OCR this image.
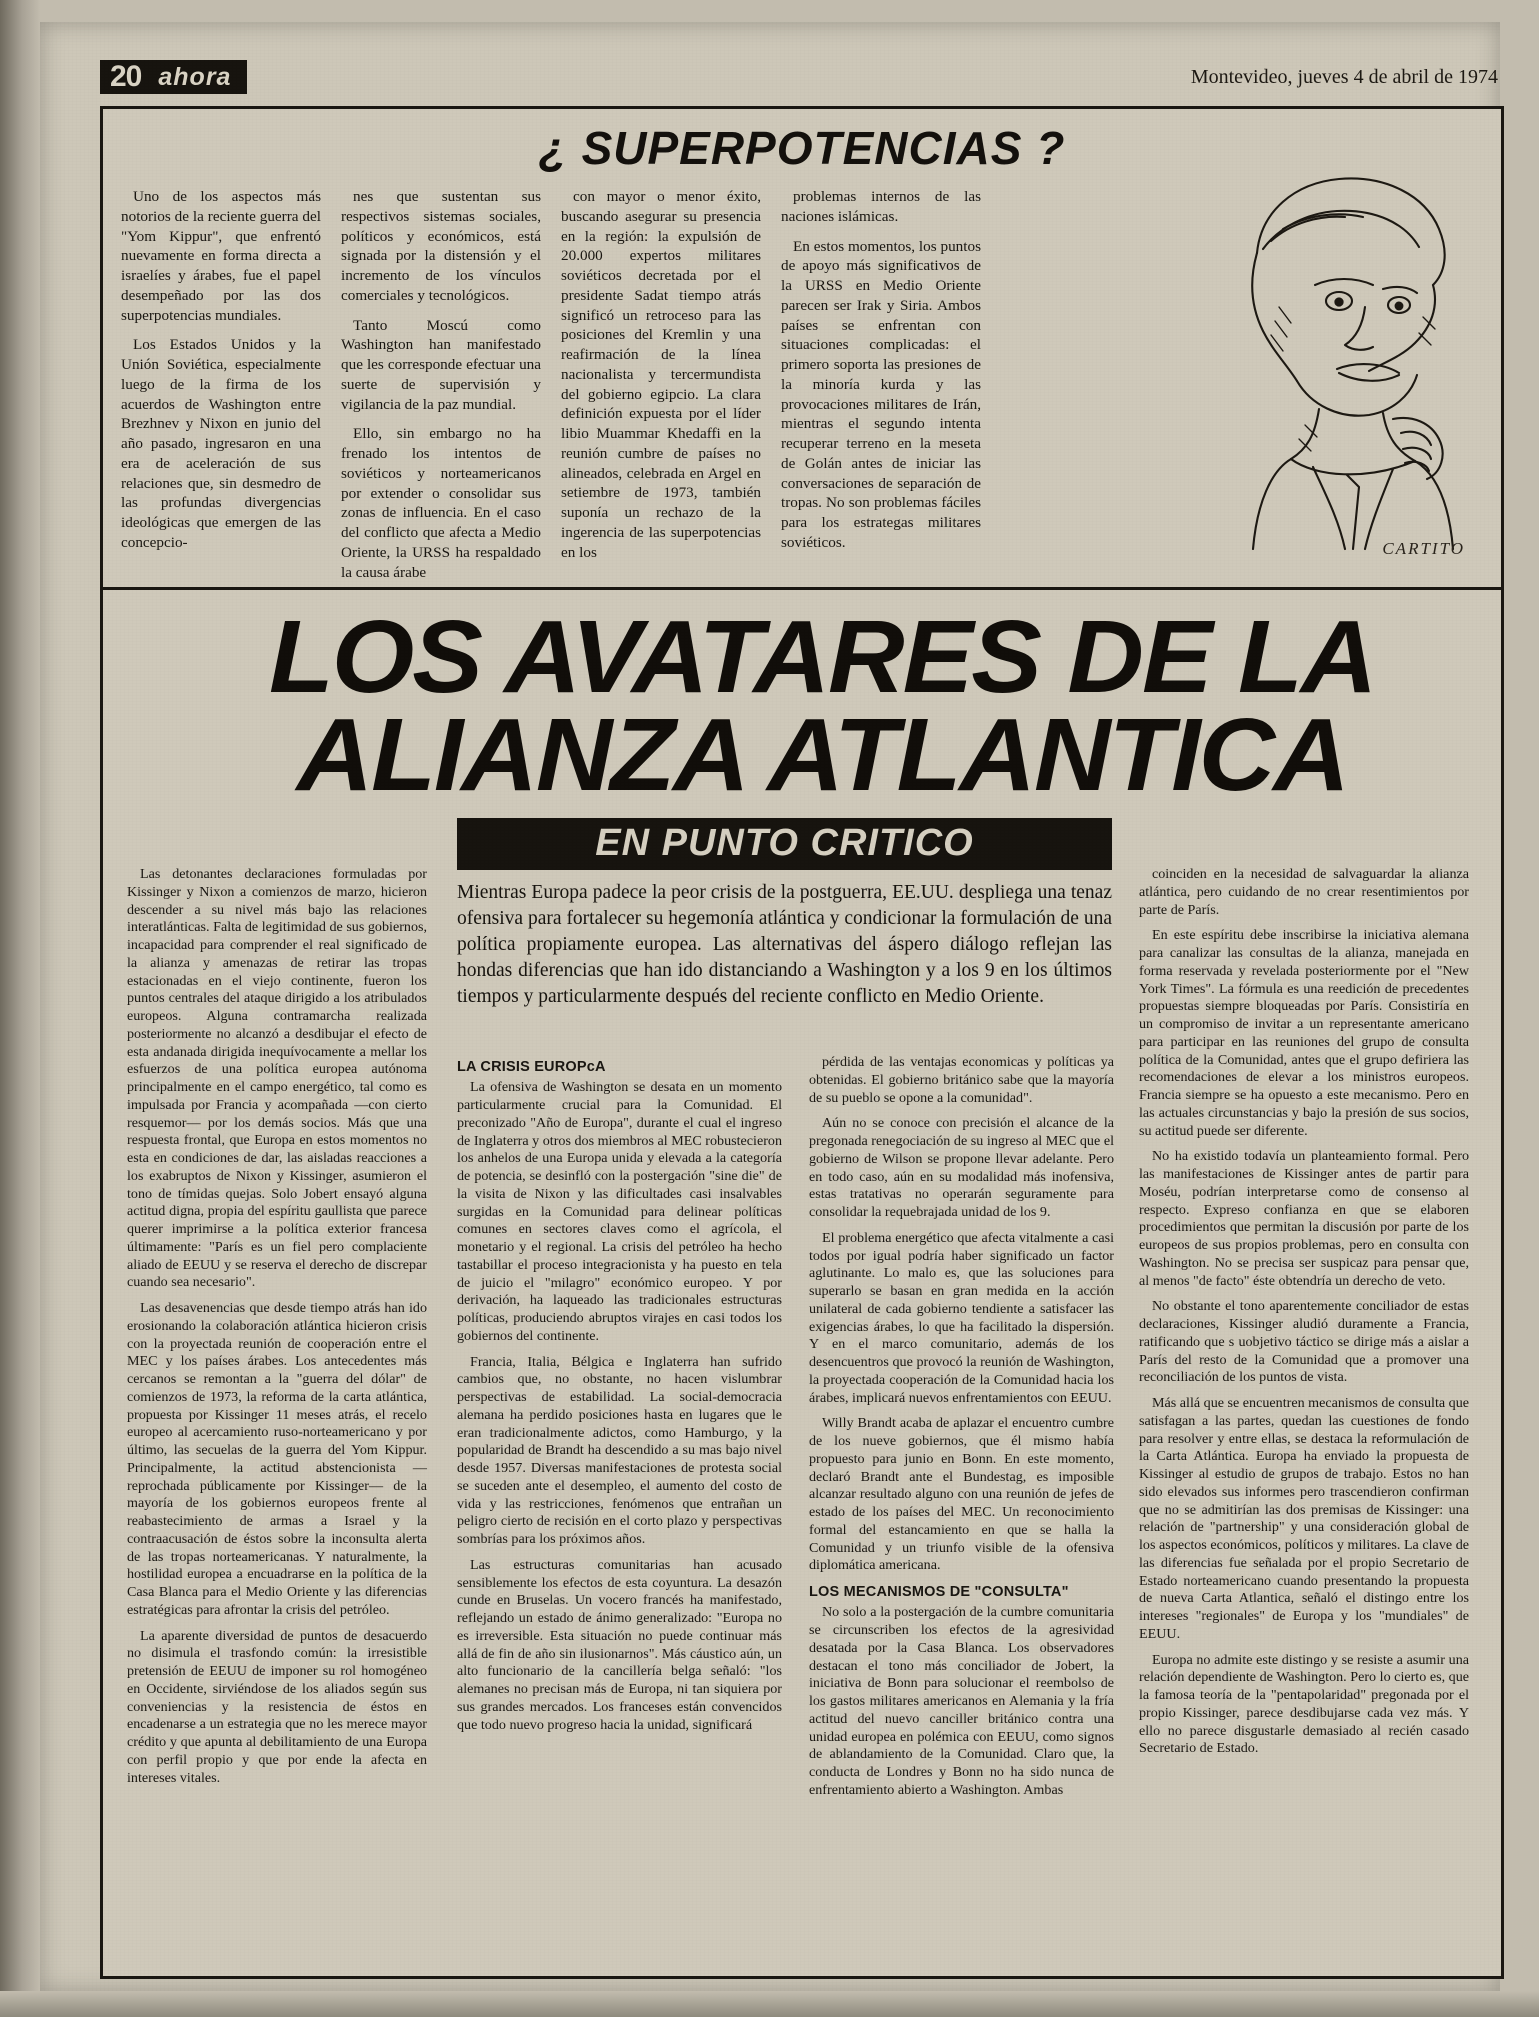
20 ahora	Montevideo, jueves 4 de abril de 1974
¿ SUPERPOTENCIAS ?

Uno de los aspectos más notorios de la reciente guerra del "Yom Kippur", que enfrentó nuevamente en forma directa a israelíes y árabes, fue el papel desempeñado por las dos superpotencias mundiales.

Los Estados Unidos y la Unión Soviética, especialmente luego de la firma de los acuerdos de Washington entre Brezhnev y Nixon en junio del año pasado, ingresaron en una era de aceleración de sus relaciones que, sin desmedro de las profundas divergencias ideológicas que emergen de las concepcio-

nes que sustentan sus respectivos sistemas sociales, políticos y económicos, está signada por la distensión y el incremento de los vínculos comerciales y tecnológicos.

Tanto Moscú como Washington han manifestado que les corresponde efectuar una suerte de supervisión y vigilancia de la paz mundial.

Ello, sin embargo no ha frenado los intentos de soviéticos y norteamericanos por extender o consolidar sus zonas de influencia. En el caso del conflicto que afecta a Medio Oriente, la URSS ha respaldado la causa árabe

con mayor o menor éxito, buscando asegurar su presencia en la región: la expulsión de 20.000 expertos militares soviéticos decretada por el presidente Sadat tiempo atrás significó un retroceso para las posiciones del Kremlin y una reafirmación de la línea nacionalista y tercermundista del gobierno egipcio. La clara definición expuesta por el líder libio Muammar Khedaffi en la reunión cumbre de países no alineados, celebrada en Argel en setiembre de 1973, también suponía un rechazo de la ingerencia de las superpotencias en los

problemas internos de las naciones islámicas.

En estos momentos, los puntos de apoyo más significativos de la URSS en Medio Oriente parecen ser Irak y Siria. Ambos países se enfrentan con situaciones complicadas: el primero soporta las presiones de la minoría kurda y las provocaciones militares de Irán, mientras el segundo intenta recuperar terreno en la meseta de Golán antes de iniciar las conversaciones de separación de tropas. No son problemas fáciles para los estrategas militares soviéticos.	CARTITO
LOS AVATARES DE LA
ALIANZA ATLANTICA
EN PUNTO CRITICO
Mientras Europa padece la peor crisis de la postguerra, EE.UU. despliega una tenaz ofensiva para fortalecer su hegemonía atlántica y condicionar la formulación de una política propiamente europea. Las alternativas del áspero diálogo reflejan las hondas diferencias que han ido distanciando a Washington y a los 9 en los últimos tiempos y particularmente después del reciente conflicto en Medio Oriente.

Las detonantes declaraciones formuladas por Kissinger y Nixon a comienzos de marzo, hicieron descender a su nivel más bajo las relaciones interatlánticas. Falta de legitimidad de sus gobiernos, incapacidad para comprender el real significado de la alianza y amenazas de retirar las tropas estacionadas en el viejo continente, fueron los puntos centrales del ataque dirigido a los atribulados europeos. Alguna contramarcha realizada posteriormente no alcanzó a desdibujar el efecto de esta andanada dirigida inequívocamente a mellar los esfuerzos de una política europea autónoma principalmente en el campo energético, tal como es impulsada por Francia y acompañada —con cierto resquemor— por los demás socios. Más que una respuesta frontal, que Europa en estos momentos no esta en condiciones de dar, las aisladas reacciones a los exabruptos de Nixon y Kissinger, asumieron el tono de tímidas quejas. Solo Jobert ensayó alguna actitud digna, propia del espíritu gaullista que parece querer imprimirse a la política exterior francesa últimamente: "París es un fiel pero complaciente aliado de EEUU y se reserva el derecho de discrepar cuando sea necesario".

Las desavenencias que desde tiempo atrás han ido erosionando la colaboración atlántica hicieron crisis con la proyectada reunión de cooperación entre el MEC y los países árabes. Los antecedentes más cercanos se remontan a la "guerra del dólar" de comienzos de 1973, la reforma de la carta atlántica, propuesta por Kissinger 11 meses atrás, el recelo europeo al acercamiento ruso-norteamericano y por último, las secuelas de la guerra del Yom Kippur. Principalmente, la actitud abstencionista —reprochada públicamente por Kissinger— de la mayoría de los gobiernos europeos frente al reabastecimiento de armas a Israel y la contraacusación de éstos sobre la inconsulta alerta de las tropas norteamericanas. Y naturalmente, la hostilidad europea a encuadrarse en la política de la Casa Blanca para el Medio Oriente y las diferencias estratégicas para afrontar la crisis del petróleo.

La aparente diversidad de puntos de desacuerdo no disimula el trasfondo común: la irresistible pretensión de EEUU de imponer su rol homogéneo en Occidente, sirviéndose de los aliados según sus conveniencias y la resistencia de éstos en encadenarse a un estrategia que no les merece mayor crédito y que apunta al debilitamiento de una Europa con perfil propio y que por ende la afecta en intereses vitales.

LA CRISIS EUROPcA

La ofensiva de Washington se desata en un momento particularmente crucial para la Comunidad. El preconizado "Año de Europa", durante el cual el ingreso de Inglaterra y otros dos miembros al MEC robustecieron los anhelos de una Europa unida y elevada a la categoría de potencia, se desinfló con la postergación "sine die" de la visita de Nixon y las dificultades casi insalvables surgidas en la Comunidad para delinear políticas comunes en sectores claves como el agrícola, el monetario y el regional. La crisis del petróleo ha hecho tastabillar el proceso integracionista y ha puesto en tela de juicio el "milagro" económico europeo. Y por derivación, ha laqueado las tradicionales estructuras políticas, produciendo abruptos virajes en casi todos los gobiernos del continente.

Francia, Italia, Bélgica e Inglaterra han sufrido cambios que, no obstante, no hacen vislumbrar perspectivas de estabilidad. La social-democracia alemana ha perdido posiciones hasta en lugares que le eran tradicionalmente adictos, como Hamburgo, y la popularidad de Brandt ha descendido a su mas bajo nivel desde 1957. Diversas manifestaciones de protesta social se suceden ante el desempleo, el aumento del costo de vida y las restricciones, fenómenos que entrañan un peligro cierto de recisión en el corto plazo y perspectivas sombrías para los próximos años.

Las estructuras comunitarias han acusado sensiblemente los efectos de esta coyuntura. La desazón cunde en Bruselas. Un vocero francés ha manifestado, reflejando un estado de ánimo generalizado: "Europa no es irreversible. Esta situación no puede continuar más allá de fin de año sin ilusionarnos". Más cáustico aún, un alto funcionario de la cancillería belga señaló: "los alemanes no precisan más de Europa, ni tan siquiera por sus grandes mercados. Los franceses están convencidos que todo nuevo progreso hacia la unidad, significará

pérdida de las ventajas economicas y políticas ya obtenidas. El gobierno británico sabe que la mayoría de su pueblo se opone a la comunidad".

Aún no se conoce con precisión el alcance de la pregonada renegociación de su ingreso al MEC que el gobierno de Wilson se propone llevar adelante. Pero en todo caso, aún en su modalidad más inofensiva, estas tratativas no operarán seguramente para consolidar la requebrajada unidad de los 9.

El problema energético que afecta vitalmente a casi todos por igual podría haber significado un factor aglutinante. Lo malo es, que las soluciones para superarlo se basan en gran medida en la acción unilateral de cada gobierno tendiente a satisfacer las exigencias árabes, lo que ha facilitado la dispersión. Y en el marco comunitario, además de los desencuentros que provocó la reunión de Washington, la proyectada cooperación de la Comunidad hacia los árabes, implicará nuevos enfrentamientos con EEUU.

Willy Brandt acaba de aplazar el encuentro cumbre de los nueve gobiernos, que él mismo había propuesto para junio en Bonn. En este momento, declaró Brandt ante el Bundestag, es imposible alcanzar resultado alguno con una reunión de jefes de estado de los países del MEC. Un reconocimiento formal del estancamiento en que se halla la Comunidad y un triunfo visible de la ofensiva diplomática americana.

LOS MECANISMOS DE "CONSULTA"

No solo a la postergación de la cumbre comunitaria se circunscriben los efectos de la agresividad desatada por la Casa Blanca. Los observadores destacan el tono más conciliador de Jobert, la iniciativa de Bonn para solucionar el reembolso de los gastos militares americanos en Alemania y la fría actitud del nuevo canciller británico contra una unidad europea en polémica con EEUU, como signos de ablandamiento de la Comunidad. Claro que, la conducta de Londres y Bonn no ha sido nunca de enfrentamiento abierto a Washington. Ambas

coinciden en la necesidad de salvaguardar la alianza atlántica, pero cuidando de no crear resentimientos por parte de París.

En este espíritu debe inscribirse la iniciativa alemana para canalizar las consultas de la alianza, manejada en forma reservada y revelada posteriormente por el "New York Times". La fórmula es una reedición de precedentes propuestas siempre bloqueadas por París. Consistiría en un compromiso de invitar a un representante americano para participar en las reuniones del grupo de consulta política de la Comunidad, antes que el grupo defiriera las recomendaciones de elevar a los ministros europeos. Francia siempre se ha opuesto a este mecanismo. Pero en las actuales circunstancias y bajo la presión de sus socios, su actitud puede ser diferente.

No ha existido todavía un planteamiento formal. Pero las manifestaciones de Kissinger antes de partir para Moséu, podrían interpretarse como de consenso al respecto. Expreso confianza en que se elaboren procedimientos que permitan la discusión por parte de los europeos de sus propios problemas, pero en consulta con Washington. No se precisa ser suspicaz para pensar que, al menos "de facto" éste obtendría un derecho de veto.

No obstante el tono aparentemente conciliador de estas declaraciones, Kissinger aludió duramente a Francia, ratificando que s uobjetivo táctico se dirige más a aislar a París del resto de la Comunidad que a promover una reconciliación de los puntos de vista.

Más allá que se encuentren mecanismos de consulta que satisfagan a las partes, quedan las cuestiones de fondo para resolver y entre ellas, se destaca la reformulación de la Carta Atlántica. Europa ha enviado la propuesta de Kissinger al estudio de grupos de trabajo. Estos no han sido elevados sus informes pero trascendieron confirman que no se admitirían las dos premisas de Kissinger: una relación de "partnership" y una consideración global de los aspectos económicos, políticos y militares. La clave de las diferencias fue señalada por el propio Secretario de Estado norteamericano cuando presentando la propuesta de nueva Carta Atlantica, señaló el distingo entre los intereses "regionales" de Europa y los "mundiales" de EEUU.

Europa no admite este distingo y se resiste a asumir una relación dependiente de Washington. Pero lo cierto es, que la famosa teoría de la "pentapolaridad" pregonada por el propio Kissinger, parece desdibujarse cada vez más. Y ello no parece disgustarle demasiado al recién casado Secretario de Estado.
